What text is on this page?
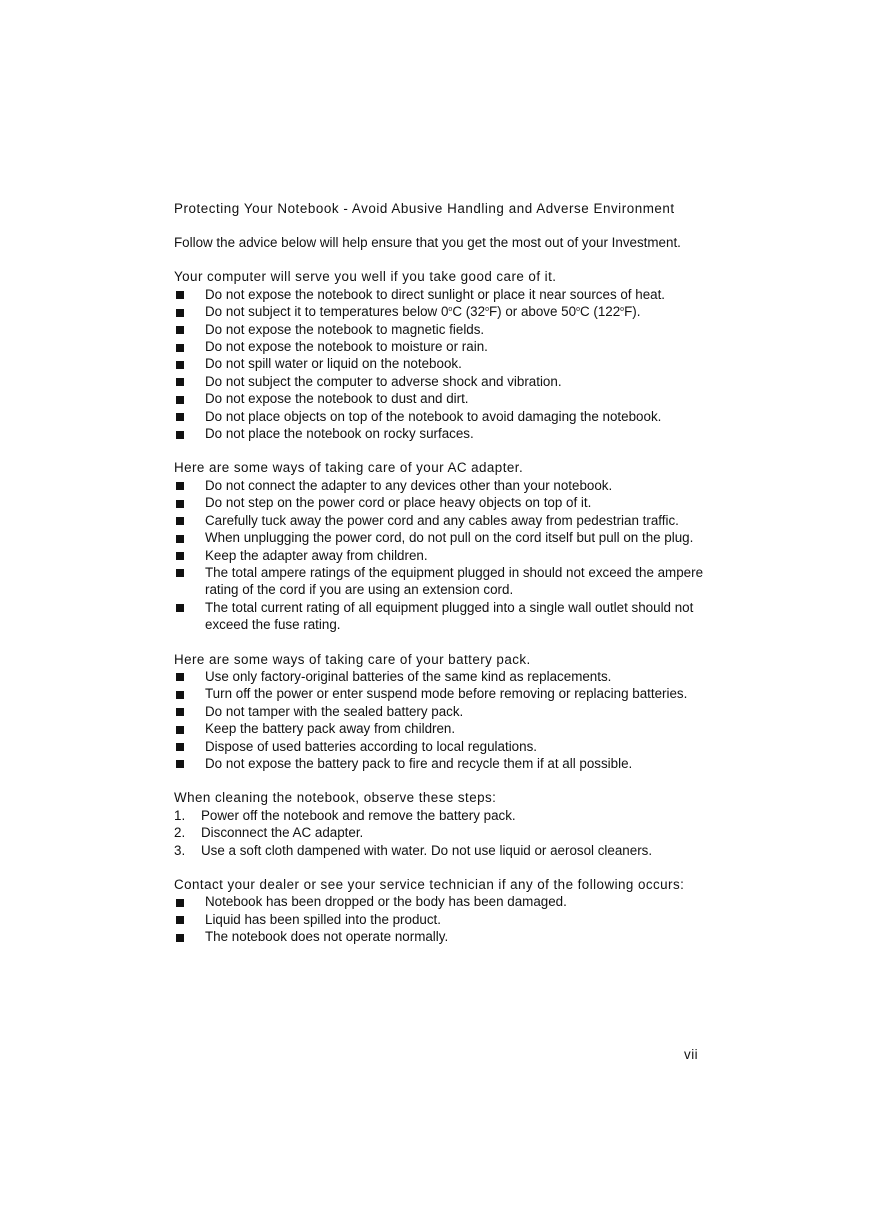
Protecting Your Notebook - Avoid Abusive Handling and Adverse Environment

Follow the advice below will help ensure that you get the most out of your Investment.

Your computer will serve you well if you take good care of it.

Do not expose the notebook to direct sunlight or place it near sources of heat.
Do not subject it to temperatures below 0$^o$C (32$^o$F) or above 50$^o$C (122$^o$F).
Do not expose the notebook to magnetic fields.
Do not expose the notebook to moisture or rain.
Do not spill water or liquid on the notebook.
Do not subject the computer to adverse shock and vibration.
Do not expose the notebook to dust and dirt.
Do not place objects on top of the notebook to avoid damaging the notebook.
Do not place the notebook on rocky surfaces.

Here are some ways of taking care of your AC adapter.

Do not connect the adapter to any devices other than your notebook.
Do not step on the power cord or place heavy objects on top of it.
Carefully tuck away the power cord and any cables away from pedestrian traffic.
When unplugging the power cord, do not pull on the cord itself but pull on the plug.
Keep the adapter away from children.
The total ampere ratings of the equipment plugged in should not exceed the ampere rating of the cord if you are using an extension cord.
The total current rating of all equipment plugged into a single wall outlet should not exceed the fuse rating.

Here are some ways of taking care of your battery pack.

Use only factory-original batteries of the same kind as replacements.
Turn off the power or enter suspend mode before removing or replacing batteries.
Do not tamper with the sealed battery pack.
Keep the battery pack away from children.
Dispose of used batteries according to local regulations.
Do not expose the battery pack to fire and recycle them if at all possible.

When cleaning the notebook, observe these steps:

1. Power off the notebook and remove the battery pack.
2. Disconnect the AC adapter.
3. Use a soft cloth dampened with water. Do not use liquid or aerosol cleaners.

Contact your dealer or see your service technician if any of the following occurs:

Notebook has been dropped or the body has been damaged.
Liquid has been spilled into the product.
The notebook does not operate normally.
vii
